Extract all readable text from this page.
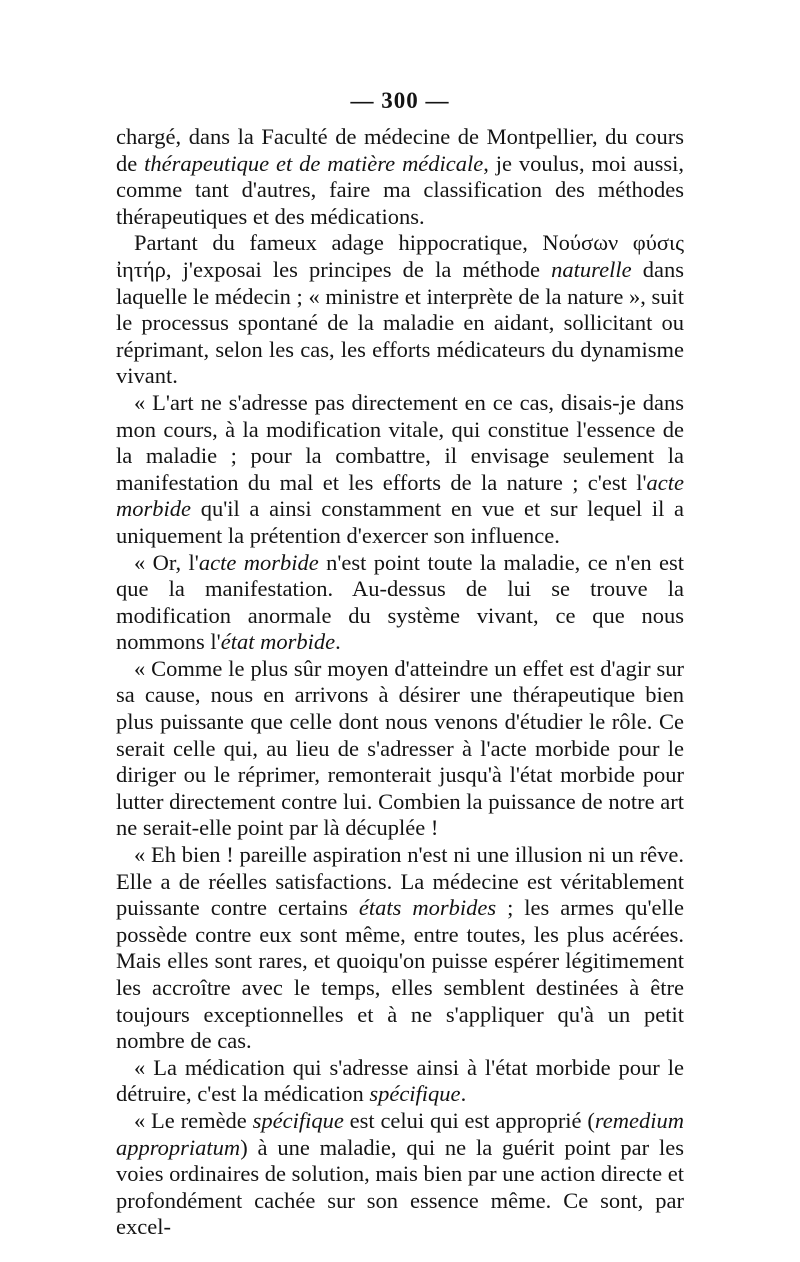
— 300 —

chargé, dans la Faculté de médecine de Montpellier, du cours de thérapeutique et de matière médicale, je voulus, moi aussi, comme tant d'autres, faire ma classification des méthodes thérapeutiques et des médications.

Partant du fameux adage hippocratique, Νούσων φύσις ἰητήρ, j'exposai les principes de la méthode naturelle dans laquelle le médecin ; « ministre et interprète de la nature », suit le processus spontané de la maladie en aidant, sollicitant ou réprimant, selon les cas, les efforts médicateurs du dynamisme vivant.

« L'art ne s'adresse pas directement en ce cas, disais-je dans mon cours, à la modification vitale, qui constitue l'essence de la maladie ; pour la combattre, il envisage seulement la manifestation du mal et les efforts de la nature ; c'est l'acte morbide qu'il a ainsi constamment en vue et sur lequel il a uniquement la prétention d'exercer son influence.

« Or, l'acte morbide n'est point toute la maladie, ce n'en est que la manifestation. Au-dessus de lui se trouve la modification anormale du système vivant, ce que nous nommons l'état morbide.

« Comme le plus sûr moyen d'atteindre un effet est d'agir sur sa cause, nous en arrivons à désirer une thérapeutique bien plus puissante que celle dont nous venons d'étudier le rôle. Ce serait celle qui, au lieu de s'adresser à l'acte morbide pour le diriger ou le réprimer, remonterait jusqu'à l'état morbide pour lutter directement contre lui. Combien la puissance de notre art ne serait-elle point par là décuplée !

« Eh bien ! pareille aspiration n'est ni une illusion ni un rêve. Elle a de réelles satisfactions. La médecine est véritablement puissante contre certains états morbides ; les armes qu'elle possède contre eux sont même, entre toutes, les plus acérées. Mais elles sont rares, et quoiqu'on puisse espérer légitimement les accroître avec le temps, elles semblent destinées à être toujours exceptionnelles et à ne s'appliquer qu'à un petit nombre de cas.

« La médication qui s'adresse ainsi à l'état morbide pour le détruire, c'est la médication spécifique.

« Le remède spécifique est celui qui est approprié (remedium appropriatum) à une maladie, qui ne la guérit point par les voies ordinaires de solution, mais bien par une action directe et profondément cachée sur son essence même. Ce sont, par excel-
